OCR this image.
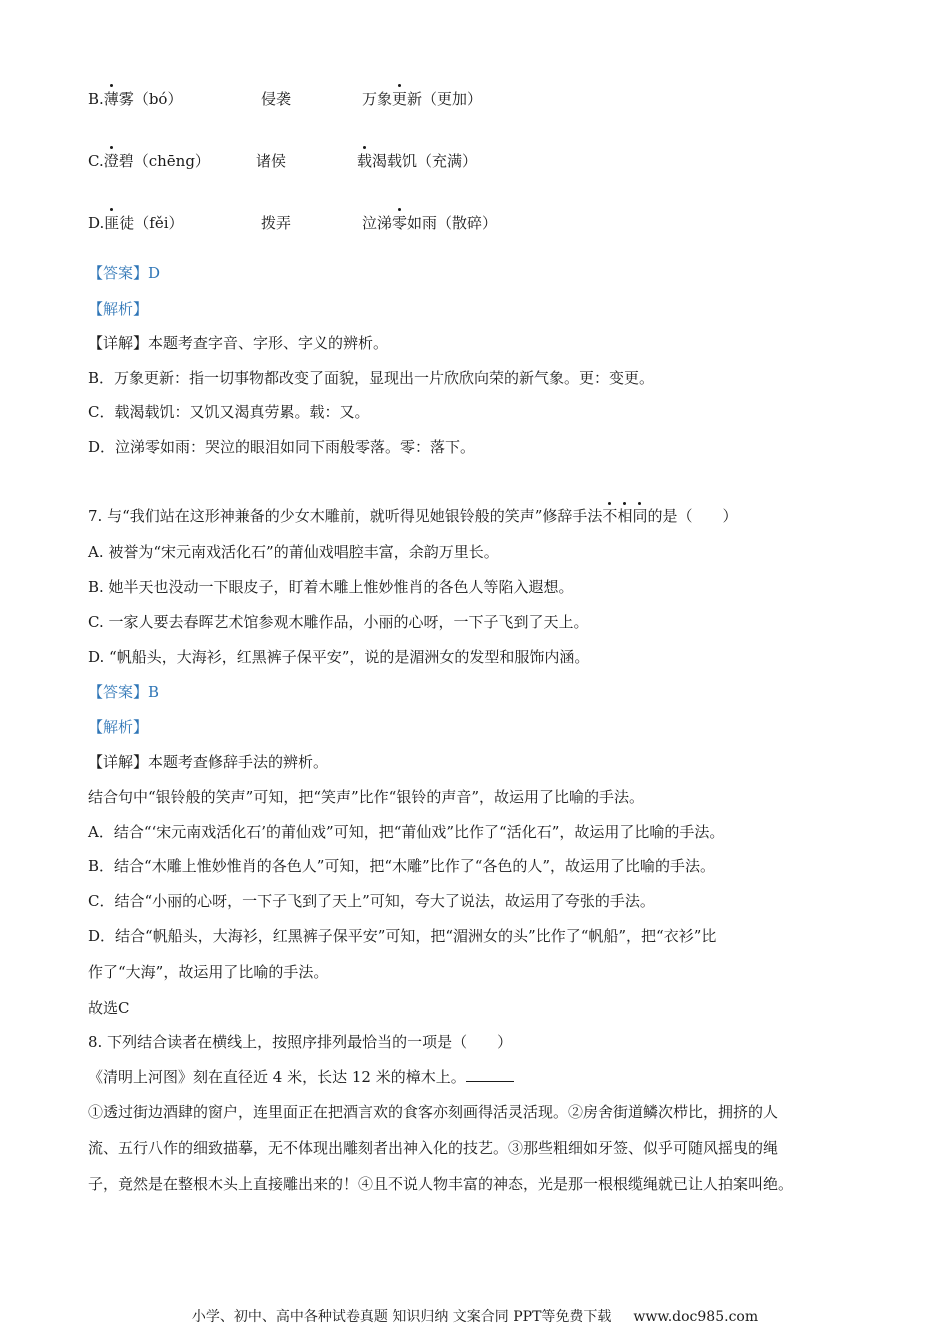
B.薄雾（bó）	侵袭	万象更新（更加）
C.澄碧（chēng）	诸侯	载渴载饥（充满）
D.匪徒（fěi）	拨弄	泣涕零如雨（散碎）
【答案】D
【解析】
【详解】本题考查字音、字形、字义的辨析。
B．万象更新：指一切事物都改变了面貌，显现出一片欣欣向荣的新气象。更：变更。
C．载渴载饥：又饥又渴真劳累。载：又。
D．泣涕零如雨：哭泣的眼泪如同下雨般零落。零：落下。
7. 与“我们站在这形神兼备的少女木雕前，就听得见她银铃般的笑声”修辞手法不相同的是（　　）
A. 被誉为“宋元南戏活化石”的莆仙戏唱腔丰富，余韵万里长。
B. 她半天也没动一下眼皮子，盯着木雕上惟妙惟肖的各色人等陷入遐想。
C. 一家人要去春晖艺术馆参观木雕作品，小丽的心呀，一下子飞到了天上。
D. “帆船头，大海衫，红黑裤子保平安”，说的是湄洲女的发型和服饰内涵。
【答案】B
【解析】
【详解】本题考查修辞手法的辨析。
结合句中“银铃般的笑声”可知，把“笑声”比作“银铃的声音”，故运用了比喻的手法。
A．结合“‘宋元南戏活化石’的莆仙戏”可知，把“莆仙戏”比作了“活化石”，故运用了比喻的手法。
B．结合“木雕上惟妙惟肖的各色人”可知，把“木雕”比作了“各色的人”，故运用了比喻的手法。
C．结合“小丽的心呀，一下子飞到了天上”可知，夸大了说法，故运用了夸张的手法。
D．结合“帆船头，大海衫，红黑裤子保平安”可知，把“湄洲女的头”比作了“帆船”，把“衣衫”比
作了“大海”，故运用了比喻的手法。
故选C
8. 下列结合读者在横线上，按照序排列最恰当的一项是（　　）
《清明上河图》刻在直径近 4 米，长达 12 米的樟木上。
①透过街边酒肆的窗户，连里面正在把酒言欢的食客亦刻画得活灵活现。②房舍街道鳞次栉比，拥挤的人
流、五行八作的细致描摹，无不体现出雕刻者出神入化的技艺。③那些粗细如牙签、似乎可随风摇曳的绳
子，竟然是在整根木头上直接雕出来的！④且不说人物丰富的神态，光是那一根根缆绳就已让人拍案叫绝。
小学、初中、高中各种试卷真题 知识归纳 文案合同 PPT等免费下载 www.doc985.com
